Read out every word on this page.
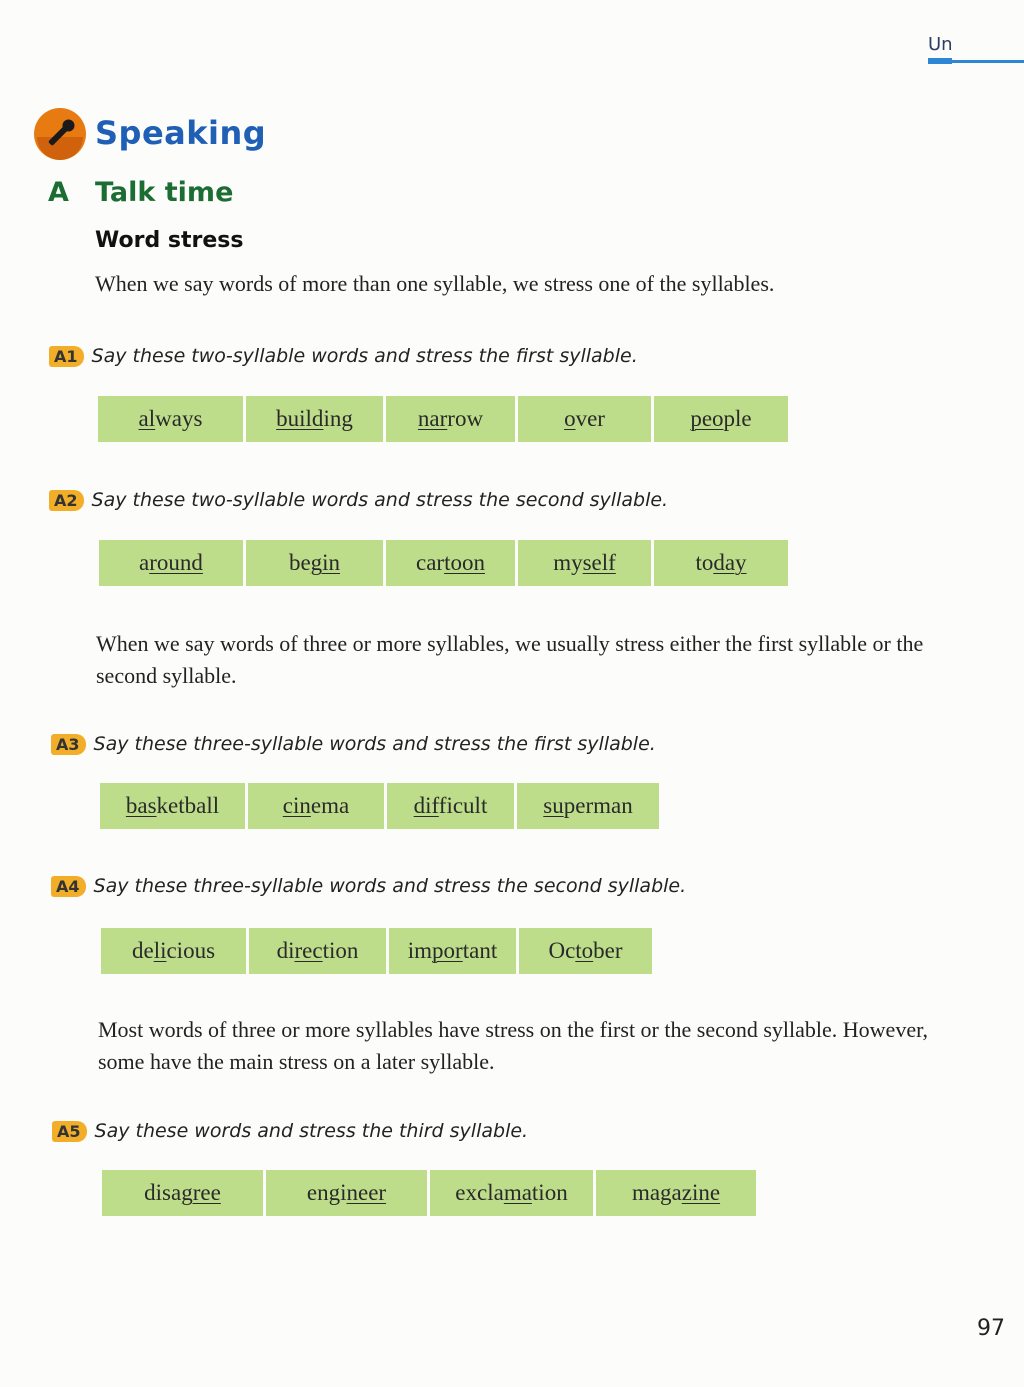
Un
Speaking
A Talk time
Word stress
When we say words of more than one syllable, we stress one of the syllables.
A1 Say these two-syllable words and stress the first syllable.
always	building	narrow	over	people
A2 Say these two-syllable words and stress the second syllable.
around	begin	cartoon	myself	today
When we say words of three or more syllables, we usually stress either the first syllable or the second syllable.
A3 Say these three-syllable words and stress the first syllable.
basketball	cinema	difficult superman
A4 Say these three-syllable words and stress the second syllable.
delicious	direction important October
Most words of three or more syllables have stress on the first or the second syllable. However, some have the main stress on a later syllable.
A5 Say these words and stress the third syllable.
disagree	engineer	exclamation	magazine
97
